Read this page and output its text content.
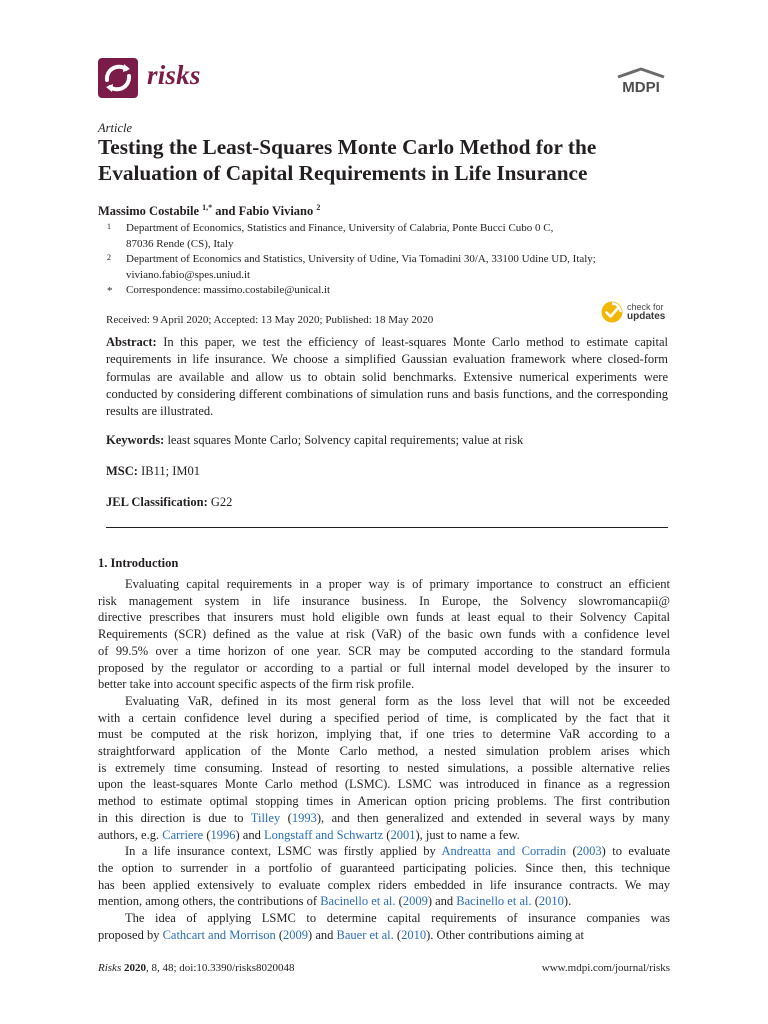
risks	MDPI
Article
Testing the Least-Squares Monte Carlo Method for the
Evaluation of Capital Requirements in Life Insurance
Massimo Costabile $^{1,*}$ and Fabio Viviano $^2$
1 Department of Economics, Statistics and Finance, University of Calabria, Ponte Bucci Cubo 0 C,
87036 Rende (CS), Italy
2 Department of Economics and Statistics, University of Udine, Via Tomadini 30/A, 33100 Udine UD, Italy;
viviano.fabio@spes.uniud.it
* Correspondence: massimo.costabile@unical.it
check for
updates
Received: 9 April 2020; Accepted: 13 May 2020; Published: 18 May 2020

Abstract: In this paper, we test the efficiency of least-squares Monte Carlo method to estimate capital requirements in life insurance. We choose a simplified Gaussian evaluation framework where closed-form formulas are available and allow us to obtain solid benchmarks. Extensive numerical experiments were conducted by considering different combinations of simulation runs and basis functions, and the corresponding results are illustrated.

Keywords: least squares Monte Carlo; Solvency capital requirements; value at risk
MSC: IB11; IM01
JEL Classification: G22
1. Introduction
Evaluating capital requirements in a proper way is of primary importance to construct an efficient
risk management system in life insurance business. In Europe, the Solvency slowromancapii@
directive prescribes that insurers must hold eligible own funds at least equal to their Solvency Capital
Requirements (SCR) defined as the value at risk (VaR) of the basic own funds with a confidence level
of 99.5% over a time horizon of one year. SCR may be computed according to the standard formula
proposed by the regulator or according to a partial or full internal model developed by the insurer to
better take into account specific aspects of the firm risk profile.
Evaluating VaR, defined in its most general form as the loss level that will not be exceeded
with a certain confidence level during a specified period of time, is complicated by the fact that it
must be computed at the risk horizon, implying that, if one tries to determine VaR according to a
straightforward application of the Monte Carlo method, a nested simulation problem arises which
is extremely time consuming. Instead of resorting to nested simulations, a possible alternative relies
upon the least-squares Monte Carlo method (LSMC). LSMC was introduced in finance as a regression
method to estimate optimal stopping times in American option pricing problems. The first contribution
in this direction is due to Tilley (1993), and then generalized and extended in several ways by many
authors, e.g. Carriere (1996) and Longstaff and Schwartz (2001), just to name a few.
In a life insurance context, LSMC was firstly applied by Andreatta and Corradin (2003) to evaluate
the option to surrender in a portfolio of guaranteed participating policies. Since then, this technique
has been applied extensively to evaluate complex riders embedded in life insurance contracts. We may
mention, among others, the contributions of Bacinello et al. (2009) and Bacinello et al. (2010).
The idea of applying LSMC to determine capital requirements of insurance companies was
proposed by Cathcart and Morrison (2009) and Bauer et al. (2010). Other contributions aiming at
Risks 2020, 8, 48; doi:10.3390/risks8020048	www.mdpi.com/journal/risks
